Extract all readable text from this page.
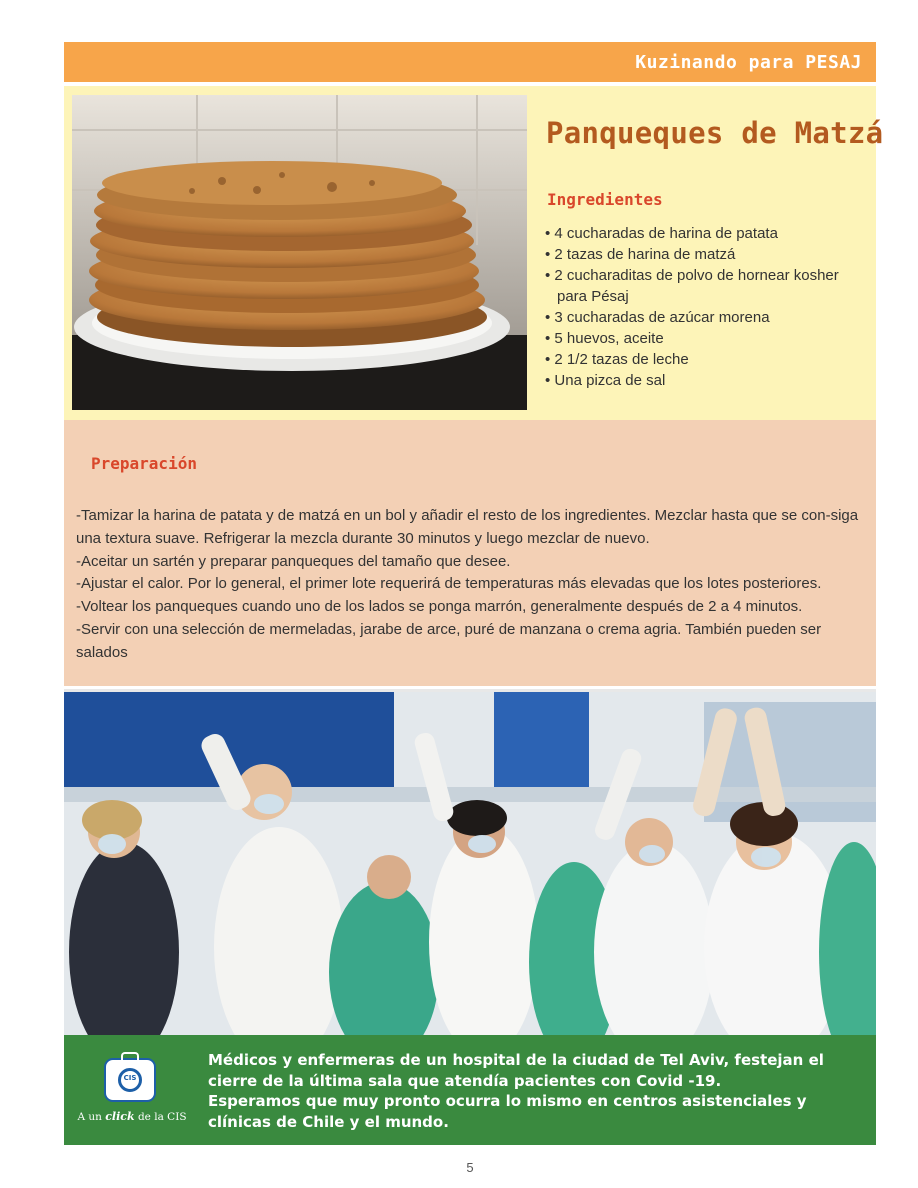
Kuzinando para PESAJ
Panqueques de Matzá
Ingredientes
• 4 cucharadas de harina de patata
• 2 tazas de harina de matzá
• 2 cucharaditas de polvo de hornear kosher para Pésaj
• 3 cucharadas de azúcar morena
• 5 huevos, aceite
• 2 1/2 tazas de leche
• Una pizca de sal
Preparación

-Tamizar la harina de patata y de matzá en un bol y añadir el resto de los ingredientes. Mezclar hasta que se con-siga una textura suave. Refrigerar la mezcla durante 30 minutos y luego mezclar de nuevo.

-Aceitar un sartén y preparar panqueques del tamaño que desee.

-Ajustar el calor. Por lo general, el primer lote requerirá de temperaturas más elevadas que los lotes posteriores.

-Voltear los panqueques cuando uno de los lados se ponga marrón, generalmente después de 2 a 4 minutos.

-Servir con una selección de mermeladas, jarabe de arce, puré de manzana o crema agria. También pueden ser salados

CIS
A un click de la CIS

Médicos y enfermeras de un hospital de la ciudad de Tel Aviv, festejan el cierre de la última sala que atendía pacientes con Covid -19.

Esperamos que muy pronto ocurra lo mismo en centros asistenciales y clínicas de Chile y el mundo.

5
